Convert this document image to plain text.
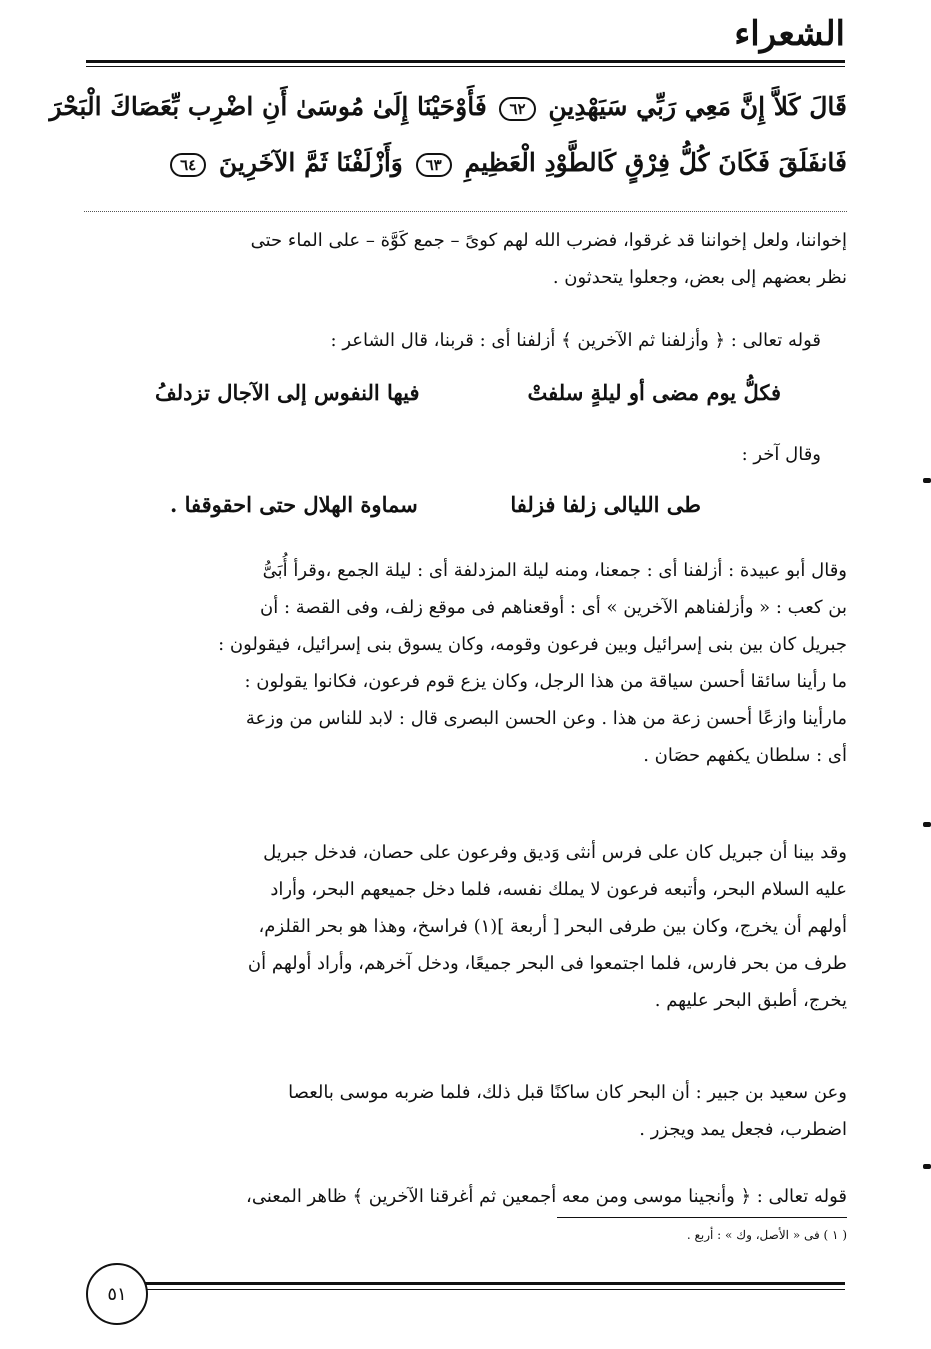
الشعراء
قَالَ كَلاَّ إِنَّ مَعِي رَبِّي سَيَهْدِينِ ٦٢ فَأَوْحَيْنَا إِلَىٰ مُوسَىٰ أَنِ اضْرِب بِّعَصَاكَ الْبَحْرَ
فَانفَلَقَ فَكَانَ كُلُّ فِرْقٍ كَالطَّوْدِ الْعَظِيمِ ٦٣ وَأَزْلَفْنَا ثَمَّ الآخَرِينَ ٦٤
إخواننا، ولعل إخواننا قد غرقوا، فضرب الله لهم كوىً – جمع كَوَّة – على الماء حتى
نظر بعضهم إلى بعض، وجعلوا يتحدثون .
قوله تعالى : ﴿ وأزلفنا ثم الآخرين ﴾ أزلفنا أى : قربنا، قال الشاعر :
فكلُّ يوم مضى أو ليلةٍ سلفتْ
فيها النفوس إلى الآجال تزدلفُ
وقال آخر :
طى الليالى زلفا فزلفا
سماوة الهلال حتى احقوقفا .
وقال أبو عبيدة : أزلفنا أى : جمعنا، ومنه ليلة المزدلفة أى : ليلة الجمع ،وقرأ أُبَىُّ
بن كعب : « وأزلفناهم الآخرين » أى : أوقعناهم فى موقع زلف، وفى القصة : أن
جبريل كان بين بنى إسرائيل وبين فرعون وقومه، وكان يسوق بنى إسرائيل، فيقولون :
ما رأينا سائقا أحسن سياقة من هذا الرجل، وكان يزع قوم فرعون، فكانوا يقولون :
مارأينا وازعًا أحسن زعة من هذا . وعن الحسن البصرى قال : لابد للناس من وزعة
أى : سلطان يكفهم حصَان .
وقد بينا أن جبريل كان على فرس أنثى وَديق وفرعون على حصان، فدخل جبريل
عليه السلام البحر، وأتبعه فرعون لا يملك نفسه، فلما دخل جميعهم البحر، وأراد
أولهم أن يخرج، وكان بين طرفى البحر [ أربعة ](١) فراسخ، وهذا هو بحر القلزم،
طرف من بحر فارس، فلما اجتمعوا فى البحر جميعًا، ودخل آخرهم، وأراد أولهم أن
يخرج، أطبق البحر عليهم .
وعن سعيد بن جبير : أن البحر كان ساكنًا قبل ذلك، فلما ضربه موسى بالعصا
اضطرب، فجعل يمد ويجزر .
قوله تعالى : ﴿ وأنجينا موسى ومن معه أجمعين ثم أغرقنا الآخرين ﴾ ظاهر المعنى،
( ١ ) فى « الأصل، وك » : أربع .
٥١
